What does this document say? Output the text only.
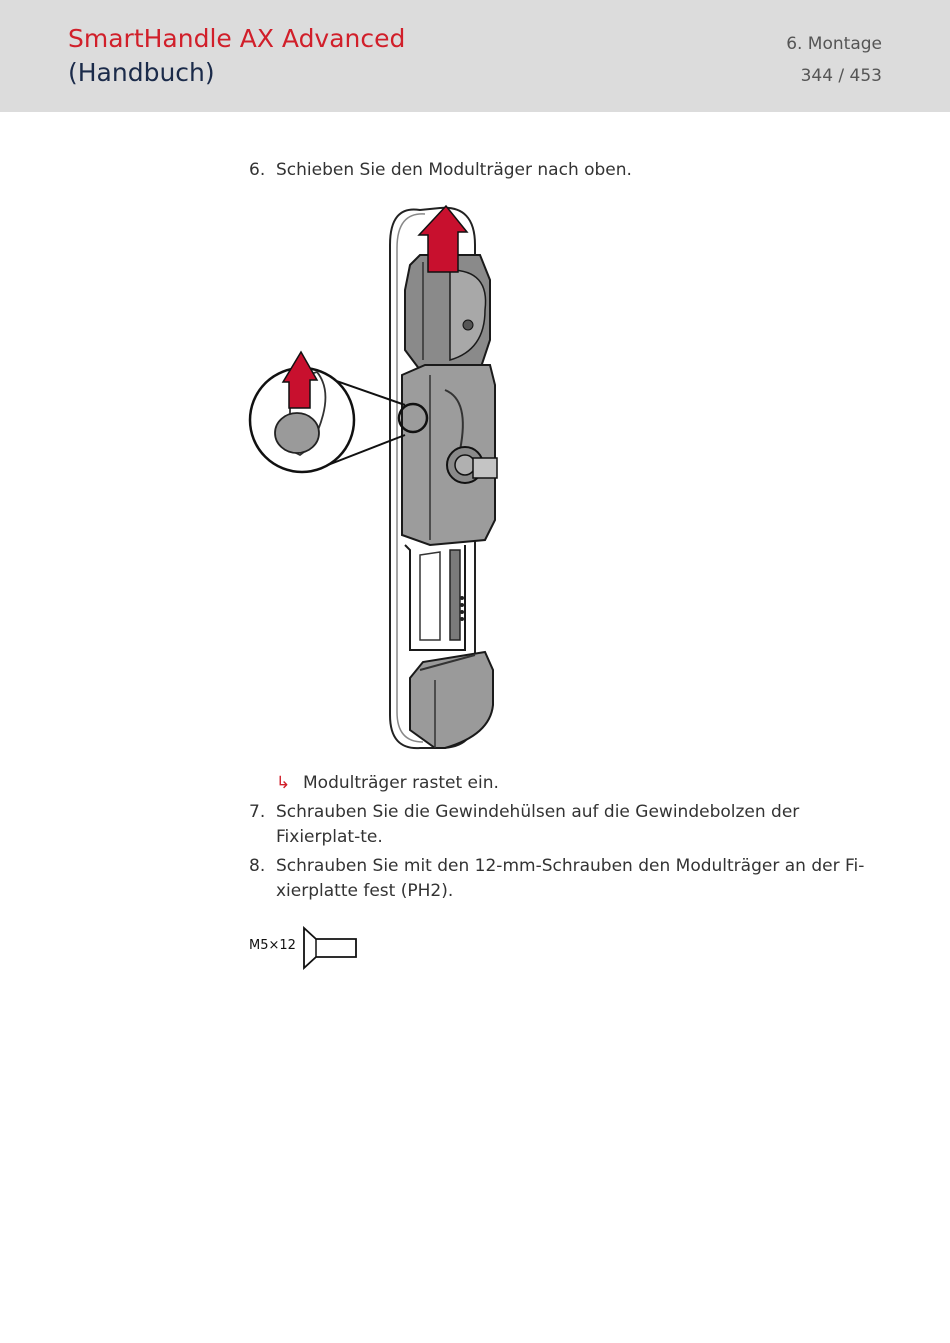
SmartHandle AX Advanced
(Handbuch)
6. Montage
344 / 453
6. Schieben Sie den Modulträger nach oben.
↳ Modulträger rastet ein.
7. Schrauben Sie die Gewindehülsen auf die Gewindebolzen der Fixierplat-te.
8. Schrauben Sie mit den 12-mm-Schrauben den Modulträger an der Fi-xierplatte fest (PH2).
M5×12
